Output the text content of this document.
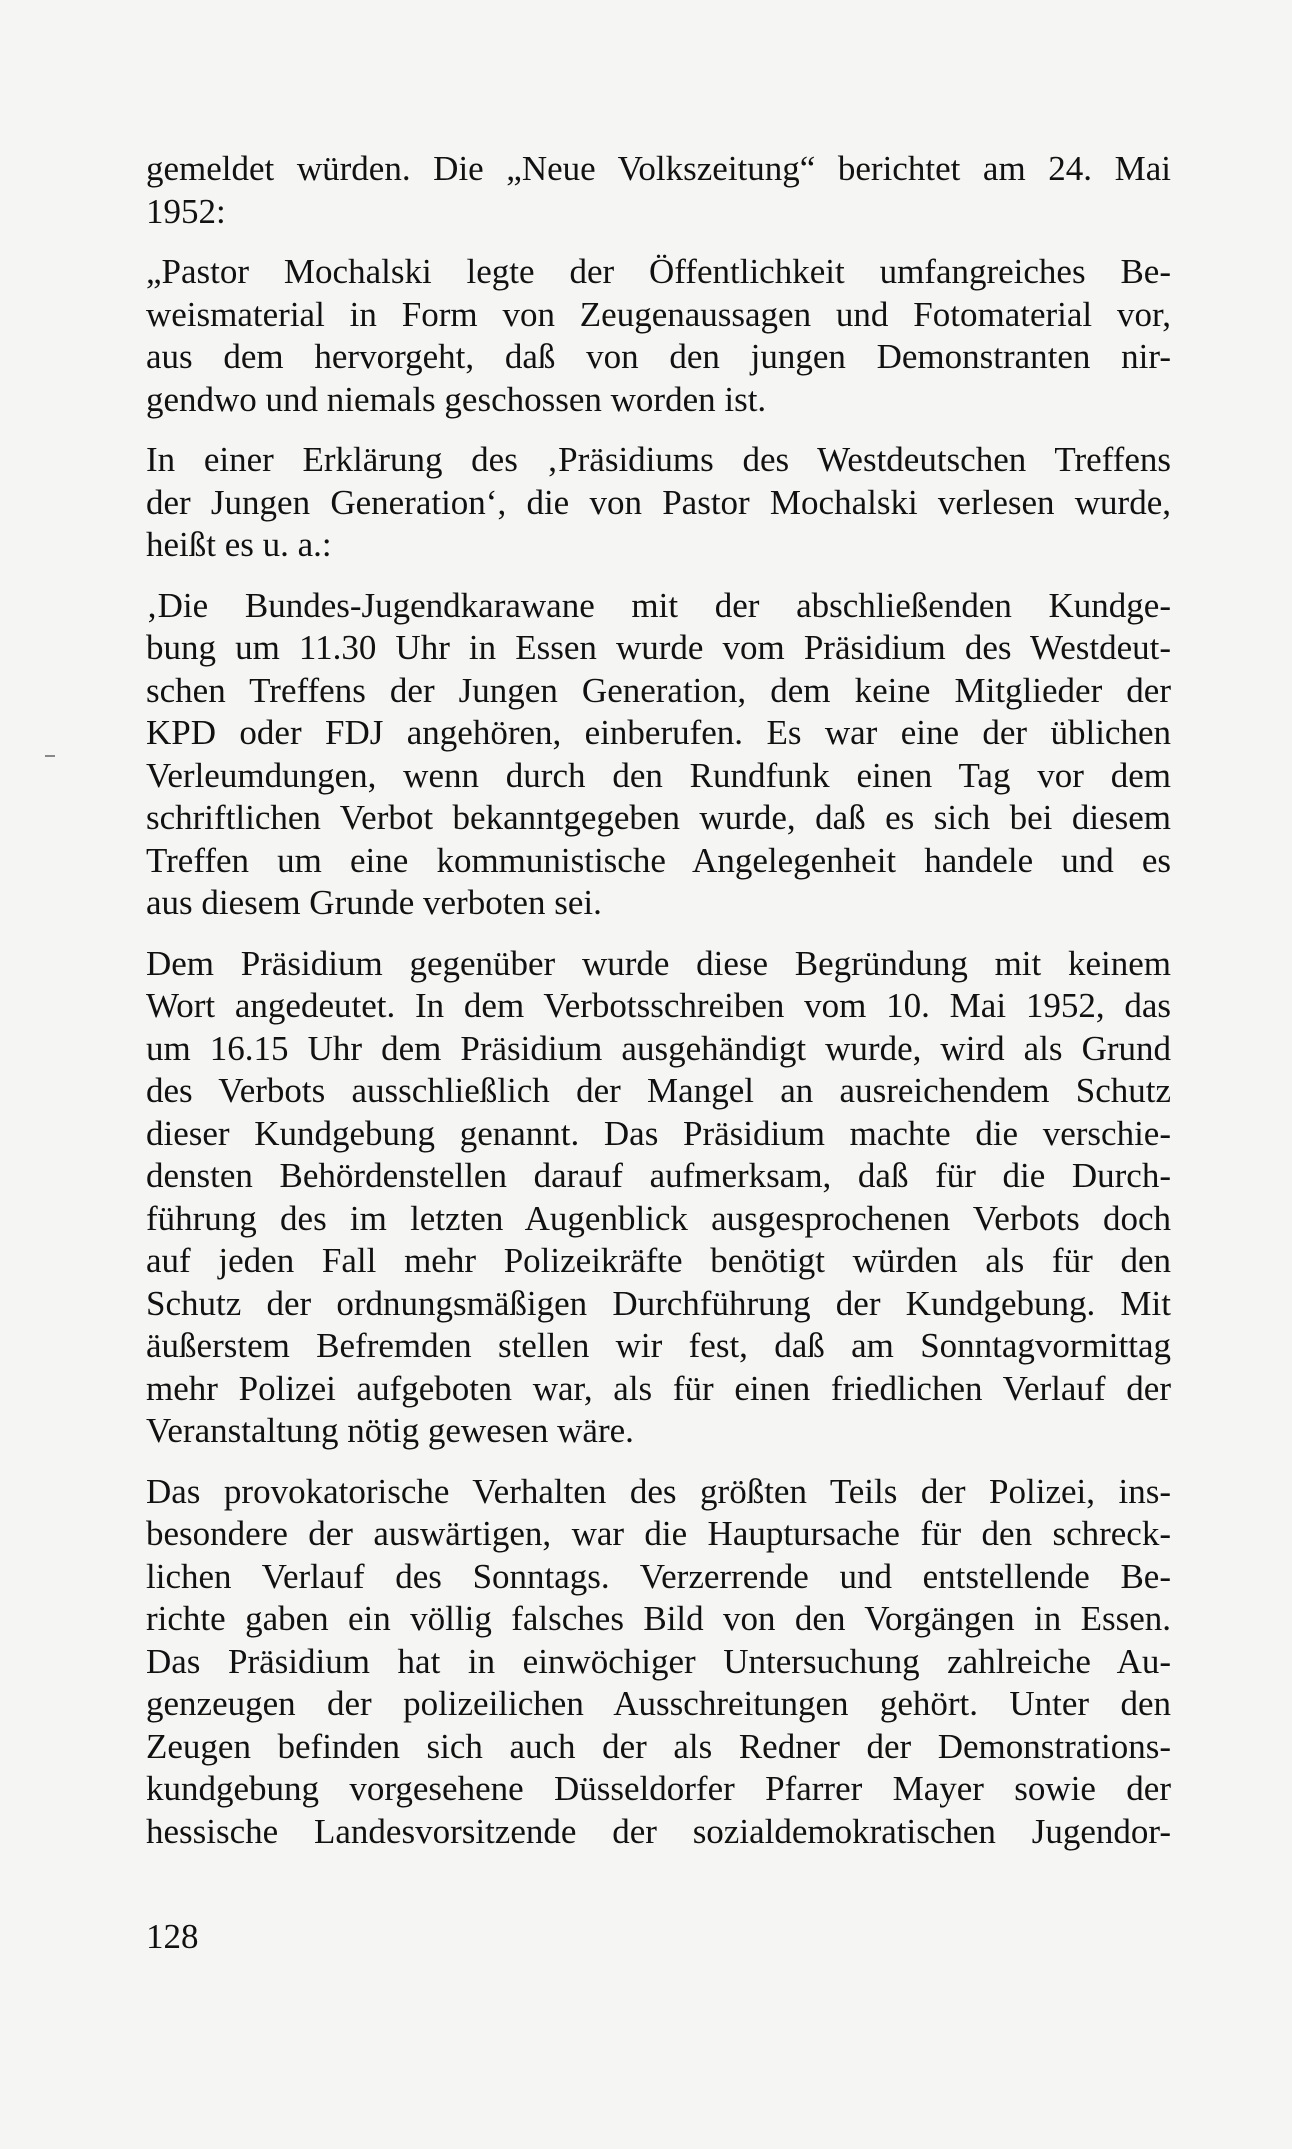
gemeldet würden. Die „Neue Volkszeitung“ berichtet am 24. Mai
1952:
„Pastor Mochalski legte der Öffentlichkeit umfangreiches Be-
weismaterial in Form von Zeugenaussagen und Fotomaterial vor,
aus dem hervorgeht, daß von den jungen Demonstranten nir-
gendwo und niemals geschossen worden ist.
In einer Erklärung des ‚Präsidiums des Westdeutschen Treffens
der Jungen Generation‘, die von Pastor Mochalski verlesen wurde,
heißt es u. a.:
‚Die Bundes-Jugendkarawane mit der abschließenden Kundge-
bung um 11.30 Uhr in Essen wurde vom Präsidium des Westdeut-
schen Treffens der Jungen Generation, dem keine Mitglieder der
KPD oder FDJ angehören, einberufen. Es war eine der üblichen
Verleumdungen, wenn durch den Rundfunk einen Tag vor dem
schriftlichen Verbot bekanntgegeben wurde, daß es sich bei diesem
Treffen um eine kommunistische Angelegenheit handele und es
aus diesem Grunde verboten sei.
Dem Präsidium gegenüber wurde diese Begründung mit keinem
Wort angedeutet. In dem Verbotsschreiben vom 10. Mai 1952, das
um 16.15 Uhr dem Präsidium ausgehändigt wurde, wird als Grund
des Verbots ausschließlich der Mangel an ausreichendem Schutz
dieser Kundgebung genannt. Das Präsidium machte die verschie-
densten Behördenstellen darauf aufmerksam, daß für die Durch-
führung des im letzten Augenblick ausgesprochenen Verbots doch
auf jeden Fall mehr Polizeikräfte benötigt würden als für den
Schutz der ordnungsmäßigen Durchführung der Kundgebung. Mit
äußerstem Befremden stellen wir fest, daß am Sonntagvormittag
mehr Polizei aufgeboten war, als für einen friedlichen Verlauf der
Veranstaltung nötig gewesen wäre.
Das provokatorische Verhalten des größten Teils der Polizei, ins-
besondere der auswärtigen, war die Hauptursache für den schreck-
lichen Verlauf des Sonntags. Verzerrende und entstellende Be-
richte gaben ein völlig falsches Bild von den Vorgängen in Essen.
Das Präsidium hat in einwöchiger Untersuchung zahlreiche Au-
genzeugen der polizeilichen Ausschreitungen gehört. Unter den
Zeugen befinden sich auch der als Redner der Demonstrations-
kundgebung vorgesehene Düsseldorfer Pfarrer Mayer sowie der
hessische Landesvorsitzende der sozialdemokratischen Jugendor-
128
